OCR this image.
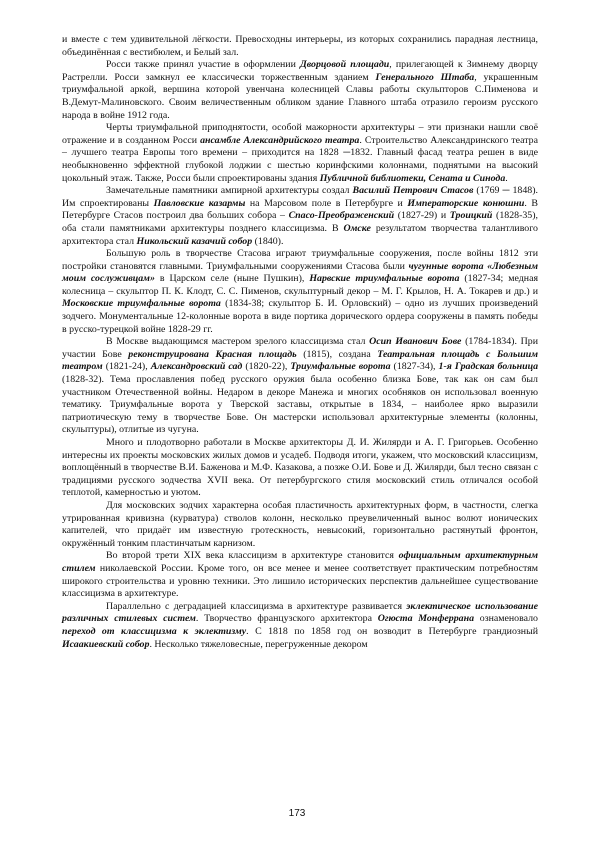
и вместе с тем удивительной лёгкости. Превосходны интерьеры, из которых сохранились парадная лестница, объединённая с вестибюлем, и Белый зал.

Росси также принял участие в оформлении Дворцовой площади, прилегающей к Зимнему дворцу Растрелли. Росси замкнул ее классически торжественным зданием Генерального Штаба, украшенным триумфальной аркой, вершина которой увенчана колесницей Славы работы скульпторов С.Пименова и В.Демут-Малиновского. Своим величественным обликом здание Главного штаба отразило героизм русского народа в войне 1912 года.

Черты триумфальной приподнятости, особой мажорности архитектуры – эти признаки нашли своё отражение и в созданном Росси ансамбле Александрийского театра. Строительство Александринского театра – лучшего театра Европы того времени – приходится на 1828 ─1832. Главный фасад театра решен в виде необыкновенно эффектной глубокой лоджии с шестью коринфскими колоннами, поднятыми на высокий цокольный этаж. Также, Росси были спроектированы здания Публичной библиотеки, Сената и Синода.

Замечательные памятники ампирной архитектуры создал Василий Петрович Стасов (1769 ─ 1848). Им спроектированы Павловские казармы на Марсовом поле в Петербурге и Императорские конюшни. В Петербурге Стасов построил два больших собора – Спасо-Преображенский (1827-29) и Троицкий (1828-35), оба стали памятниками архитектуры позднего классицизма. В Омске результатом творчества талантливого архитектора стал Никольский казачий собор (1840).

Большую роль в творчестве Стасова играют триумфальные сооружения, после войны 1812 эти постройки становятся главными. Триумфальными сооружениями Стасова были чугунные ворота «Любезным моим сослуживцам» в Царском селе (ныне Пушкин), Нарвские триумфальные ворота (1827-34; медная колесница – скульптор П. К. Клодт, С. С. Пименов, скульптурный декор – М. Г. Крылов, Н. А. Токарев и др.) и Московские триумфальные ворота (1834-38; скульптор Б. И. Орловский) – одно из лучших произведений зодчего. Монументальные 12-колонные ворота в виде портика дорического ордера сооружены в память победы в русско-турецкой войне 1828-29 гг.

В Москве выдающимся мастером зрелого классицизма стал Осип Иванович Бове (1784-1834). При участии Бове реконструирована Красная площадь (1815), создана Театральная площадь с Большим театром (1821-24), Александровский сад (1820-22), Триумфальные ворота (1827-34), 1-я Градская больница (1828-32). Тема прославления побед русского оружия была особенно близка Бове, так как он сам был участником Отечественной войны. Недаром в декоре Манежа и многих особняков он использовал военную тематику. Триумфальные ворота у Тверской заставы, открытые в 1834, – наиболее ярко выразили патриотическую тему в творчестве Бове. Он мастерски использовал архитектурные элементы (колонны, скульптуры), отлитые из чугуна.

Много и плодотворно работали в Москве архитекторы Д. И. Жилярди и А. Г. Григорьев. Особенно интересны их проекты московских жилых домов и усадеб. Подводя итоги, укажем, что московский классицизм, воплощённый в творчестве В.И. Баженова и М.Ф. Казакова, а позже О.И. Бове и Д. Жилярди, был тесно связан с традициями русского зодчества XVII века. От петербургского стиля московский стиль отличался особой теплотой, камерностью и уютом.

Для московских зодчих характерна особая пластичность архитектурных форм, в частности, слегка утрированная кривизна (курватура) стволов колонн, несколько преувеличенный вынос волют ионических капителей, что придаёт им известную гротескность, невысокий, горизонтально растянутый фронтон, окружённый тонким пластинчатым карнизом.

Во второй трети XIX века классицизм в архитектуре становится официальным архитектурным стилем николаевской России. Кроме того, он все менее и менее соответствует практическим потребностям широкого строительства и уровню техники. Это лишило исторических перспектив дальнейшее существование классицизма в архитектуре.

Параллельно с деградацией классицизма в архитектуре развивается эклектическое использование различных стилевых систем. Творчество французского архитектора Огюста Монферрана ознаменовало переход от классицизма к эклектизму. С 1818 по 1858 год он возводит в Петербурге грандиозный Исаакиевский собор. Несколько тяжеловесные, перегруженные декором

173
